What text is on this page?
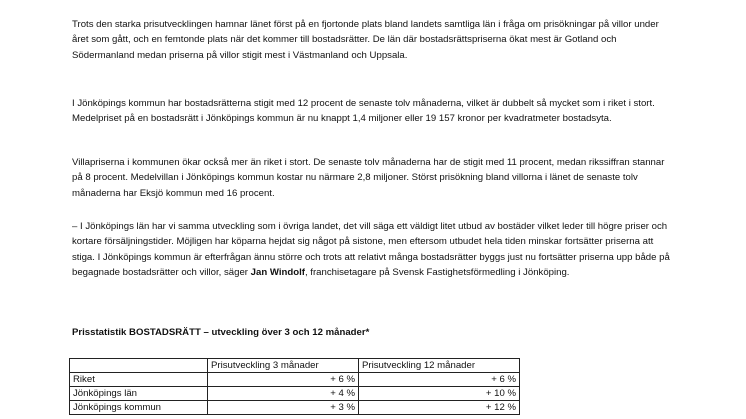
Trots den starka prisutvecklingen hamnar länet först på en fjortonde plats bland landets samtliga län i fråga om prisökningar på villor under året som gått, och en femtonde plats när det kommer till bostadsrätter. De län där bostadsrättspriserna ökat mest är Gotland och Södermanland medan priserna på villor stigit mest i Västmanland och Uppsala.

I Jönköpings kommun har bostadsrätterna stigit med 12 procent de senaste tolv månaderna, vilket är dubbelt så mycket som i riket i stort. Medelpriset på en bostadsrätt i Jönköpings kommun är nu knappt 1,4 miljoner eller 19 157 kronor per kvadratmeter bostadsyta.

Villapriserna i kommunen ökar också mer än riket i stort. De senaste tolv månaderna har de stigit med 11 procent, medan rikssiffran stannar på 8 procent. Medelvillan i Jönköpings kommun kostar nu närmare 2,8 miljoner. Störst prisökning bland villorna i länet de senaste tolv månaderna har Eksjö kommun med 16 procent.

– I Jönköpings län har vi samma utveckling som i övriga landet, det vill säga ett väldigt litet utbud av bostäder vilket leder till högre priser och kortare försäljningstider. Möjligen har köparna hejdat sig något på sistone, men eftersom utbudet hela tiden minskar fortsätter priserna att stiga. I Jönköpings kommun är efterfrågan ännu större och trots att relativt många bostadsrätter byggs just nu fortsätter priserna upp både på begagnade bostadsrätter och villor, säger Jan Windolf, franchisetagare på Svensk Fastighetsförmedling i Jönköping.

Prisstatistik BOSTADSRÄTT – utveckling över 3 och 12 månader*
	Prisutveckling 3 månader	Prisutveckling 12 månader
Riket	+ 6 %	+ 6 %
Jönköpings län	+ 4 %	+ 10 %
Jönköpings kommun	+ 3 %	+ 12 %
